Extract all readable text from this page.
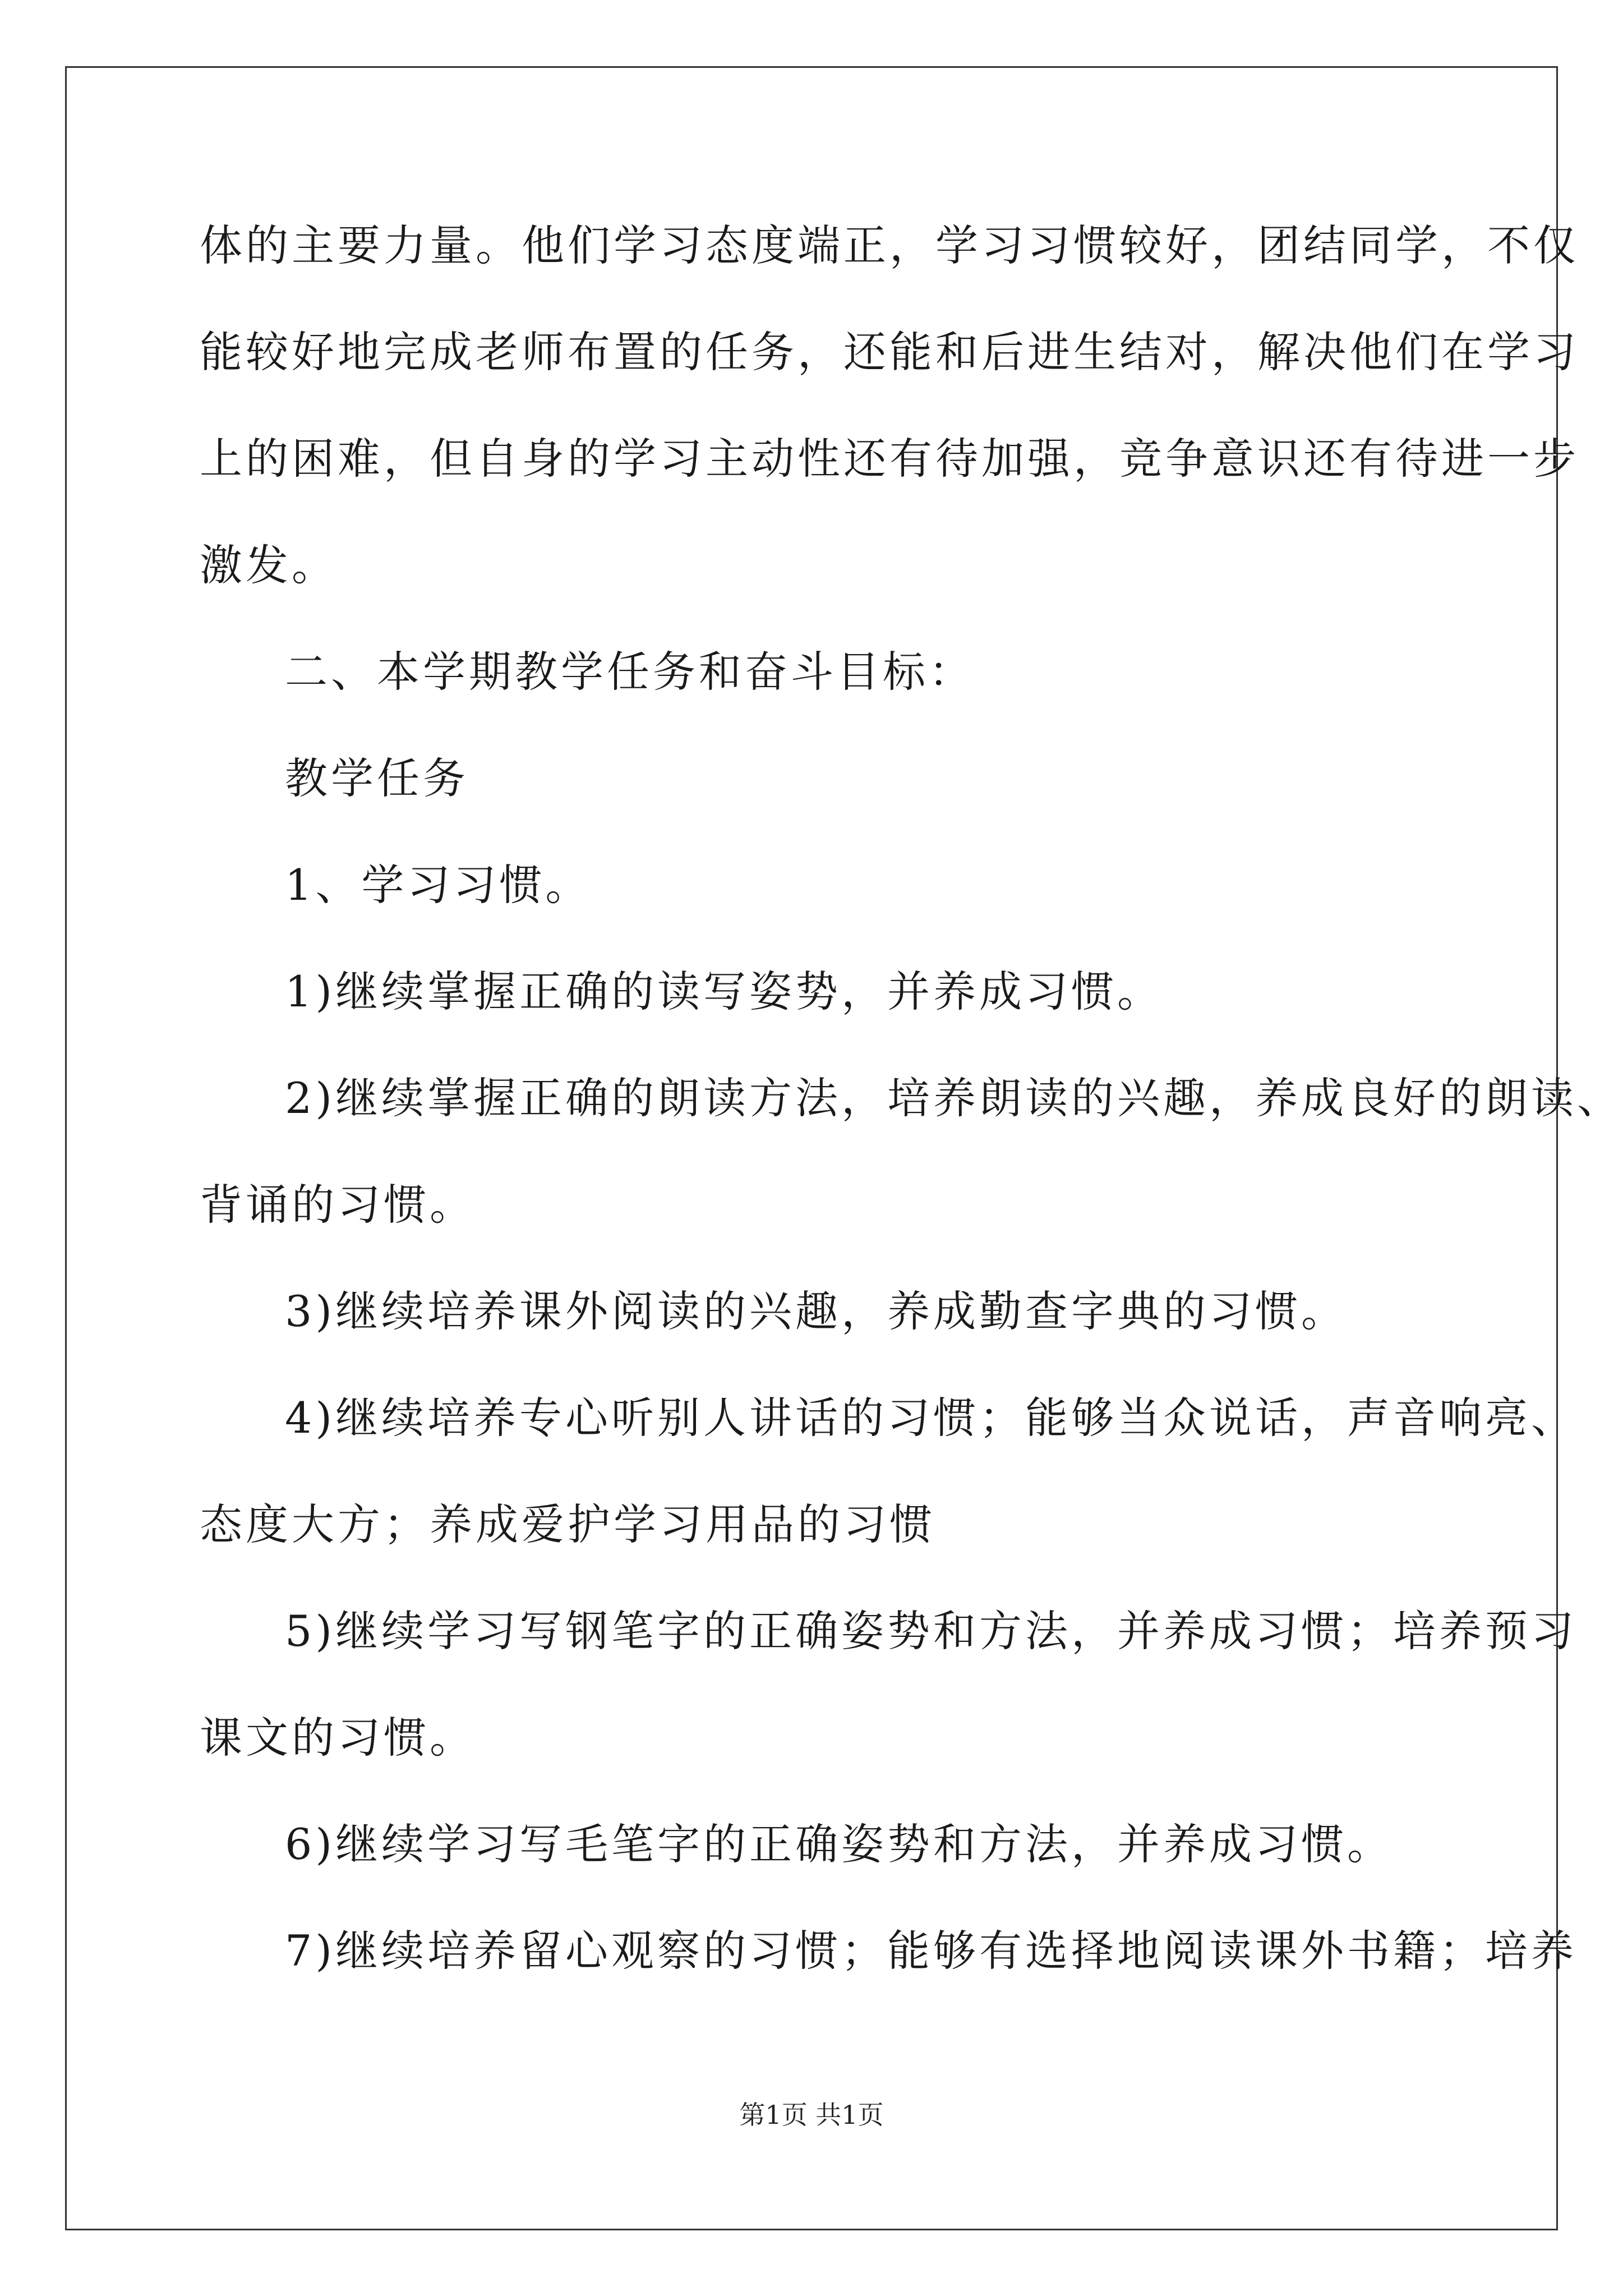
体的主要力量。他们学习态度端正，学习习惯较好，团结同学，不仅
能较好地完成老师布置的任务，还能和后进生结对，解决他们在学习
上的困难，但自身的学习主动性还有待加强，竞争意识还有待进一步
激发。
二、本学期教学任务和奋斗目标：
教学任务
1、学习习惯。
1)继续掌握正确的读写姿势，并养成习惯。
2)继续掌握正确的朗读方法，培养朗读的兴趣，养成良好的朗读、
背诵的习惯。
3)继续培养课外阅读的兴趣，养成勤查字典的习惯。
4)继续培养专心听别人讲话的习惯；能够当众说话，声音响亮、
态度大方；养成爱护学习用品的习惯
5)继续学习写钢笔字的正确姿势和方法，并养成习惯；培养预习
课文的习惯。
6)继续学习写毛笔字的正确姿势和方法，并养成习惯。
7)继续培养留心观察的习惯；能够有选择地阅读课外书籍；培养
第1页 共1页
